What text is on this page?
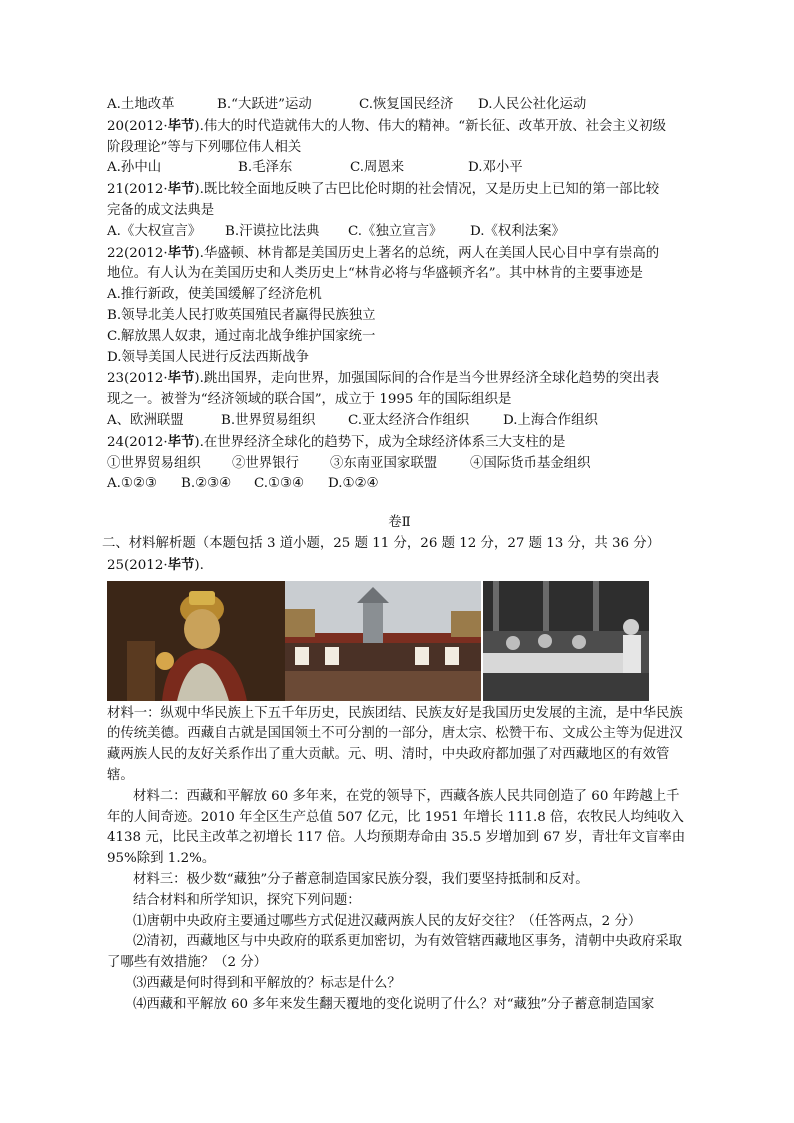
A.土地改革	B.“大跃进”运动	C.恢复国民经济	D.人民公社化运动
20(2012·毕节).伟大的时代造就伟大的人物、伟大的精神。“新长征、改革开放、社会主义初级
阶段理论”等与下列哪位伟人相关
A.孙中山	B.毛泽东	C.周恩来	D.邓小平
21(2012·毕节).既比较全面地反映了古巴比伦时期的社会情况，又是历史上已知的第一部比较
完备的成文法典是
A.《大权宣言》	B.汗谟拉比法典	C.《独立宣言》	D.《权利法案》
22(2012·毕节).华盛顿、林肯都是美国历史上著名的总统，两人在美国人民心目中享有崇高的
地位。有人认为在美国历史和人类历史上“林肯必将与华盛顿齐名”。其中林肯的主要事迹是
A.推行新政，使美国缓解了经济危机
B.领导北美人民打败英国殖民者赢得民族独立
C.解放黑人奴隶，通过南北战争维护国家统一
D.领导美国人民进行反法西斯战争
23(2012·毕节).跳出国界，走向世界，加强国际间的合作是当今世界经济全球化趋势的突出表
现之一。被誉为“经济领域的联合国”，成立于 1995 年的国际组织是
A、欧洲联盟	B.世界贸易组织	C.亚太经济合作组织	D.上海合作组织
24(2012·毕节).在世界经济全球化的趋势下，成为全球经济体系三大支柱的是
①世界贸易组织	②世界银行	③东南亚国家联盟	④国际货币基金组织
A.①②③	B.②③④	C.①③④	D.①②④
卷Ⅱ
二、材料解析题（本题包括 3 道小题，25 题 11 分，26 题 12 分，27 题 13 分，共 36 分）
25(2012·毕节).
材料一：纵观中华民族上下五千年历史，民族团结、民族友好是我国历史发展的主流，是中华民族的传统美德。西藏自古就是国国领土不可分割的一部分，唐太宗、松赞干布、文成公主等为促进汉藏两族人民的友好关系作出了重大贡献。元、明、清时，中央政府都加强了对西藏地区的有效管辖。
材料二：西藏和平解放 60 多年来，在党的领导下，西藏各族人民共同创造了 60 年跨越上千年的人间奇迹。2010 年全区生产总值 507 亿元，比 1951 年增长 111.8 倍，农牧民人均纯收入 4138 元，比民主改革之初增长 117 倍。人均预期寿命由 35.5 岁增加到 67 岁，青壮年文盲率由 95%除到 1.2%。
材料三：极少数“藏独”分子蓄意制造国家民族分裂，我们要坚持抵制和反对。
结合材料和所学知识，探究下列问题：
⑴唐朝中央政府主要通过哪些方式促进汉藏两族人民的友好交往？（任答两点，2 分）
⑵清初，西藏地区与中央政府的联系更加密切，为有效管辖西藏地区事务，清朝中央政府采取了哪些有效措施？（2 分）
⑶西藏是何时得到和平解放的？标志是什么？
⑷西藏和平解放 60 多年来发生翻天覆地的变化说明了什么？对“藏独”分子蓄意制造国家
